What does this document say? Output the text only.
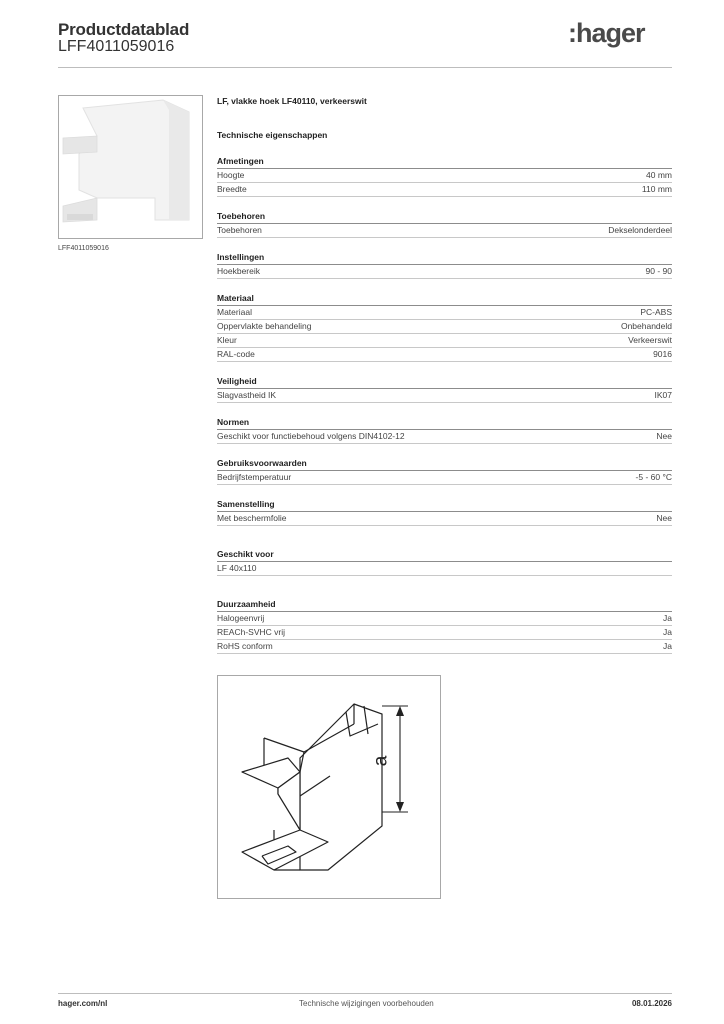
Productdatablad
LFF4011059016	:hager
LFF4011059016
LF, vlakke hoek LF40110, verkeerswit
Technische eigenschappen
Afmetingen
Hoogte	40 mm
Breedte	110 mm
Toebehoren
Toebehoren	Dekselonderdeel
Instellingen
Hoekbereik	90 - 90
Materiaal
Materiaal	PC-ABS
Oppervlakte behandeling	Onbehandeld
Kleur	Verkeerswit
RAL-code	9016
Veiligheid
Slagvastheid IK	IK07
Normen
Geschikt voor functiebehoud volgens DIN4102-12	Nee
Gebruiksvoorwaarden
Bedrijfstemperatuur	-5 - 60 °C
Samenstelling
Met beschermfolie	Nee
Geschikt voor
LF 40x110
Duurzaamheid
Halogeenvrij	Ja
REACh-SVHC vrij	Ja
RoHS conform	Ja
a
hager.com/nl	Technische wijzigingen voorbehouden	08.01.2026
